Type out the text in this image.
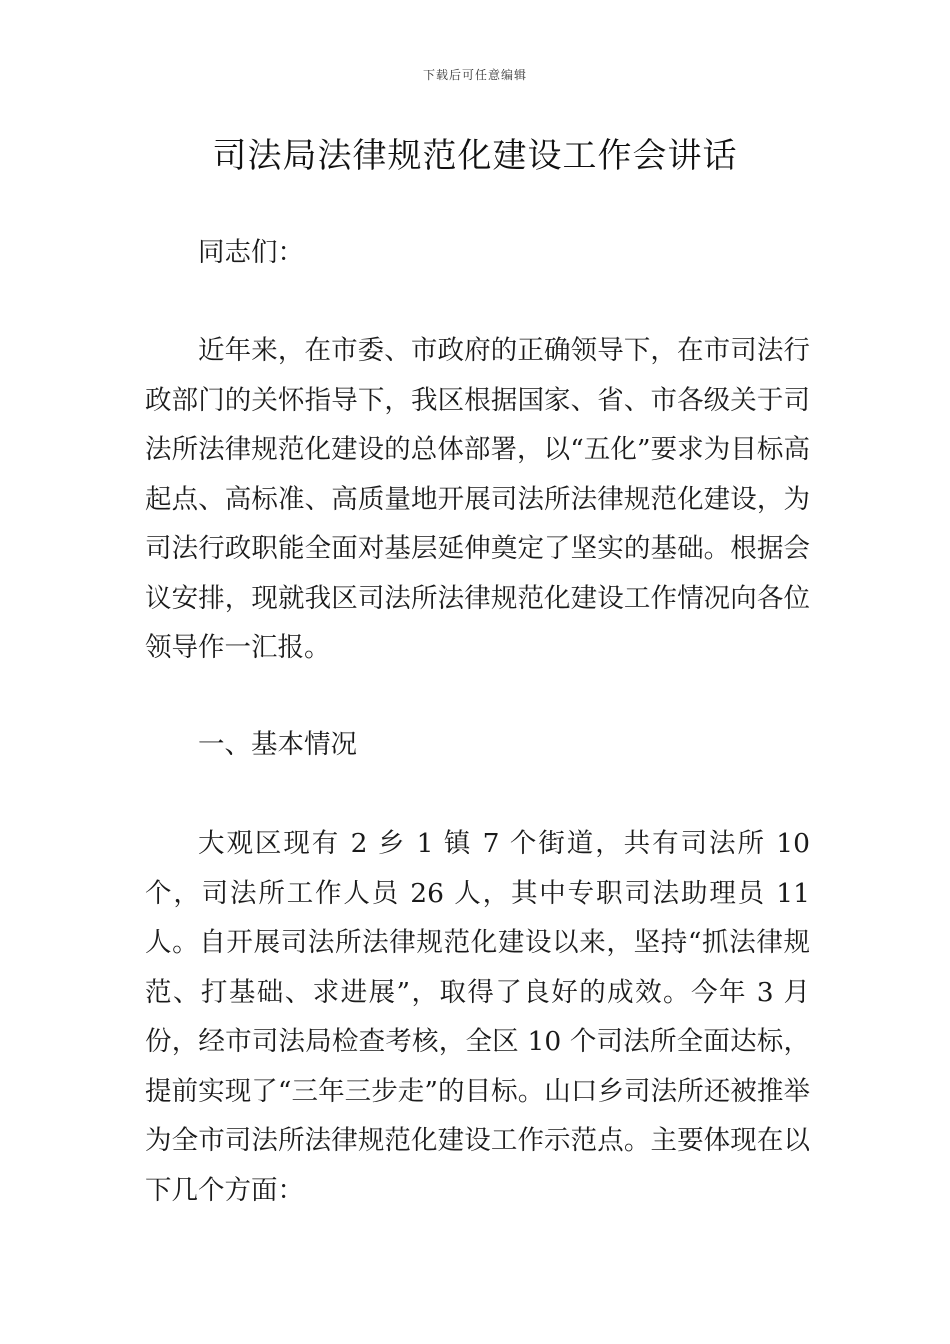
下载后可任意编辑
司法局法律规范化建设工作会讲话

同志们：

近年来，在市委、市政府的正确领导下，在市司法行政部门的关怀指导下，我区根据国家、省、市各级关于司法所法律规范化建设的总体部署，以“五化”要求为目标高起点、高标准、高质量地开展司法所法律规范化建设，为司法行政职能全面对基层延伸奠定了坚实的基础。根据会议安排，现就我区司法所法律规范化建设工作情况向各位领导作一汇报。

一、基本情况

大观区现有 2 乡 1 镇 7 个街道，共有司法所 10 个，司法所工作人员 26 人，其中专职司法助理员 11 人。自开展司法所法律规范化建设以来，坚持“抓法律规范、打基础、求进展”，取得了良好的成效。今年 3 月份，经市司法局检查考核，全区 10 个司法所全面达标，提前实现了“三年三步走”的目标。山口乡司法所还被推举为全市司法所法律规范化建设工作示范点。主要体现在以下几个方面：
